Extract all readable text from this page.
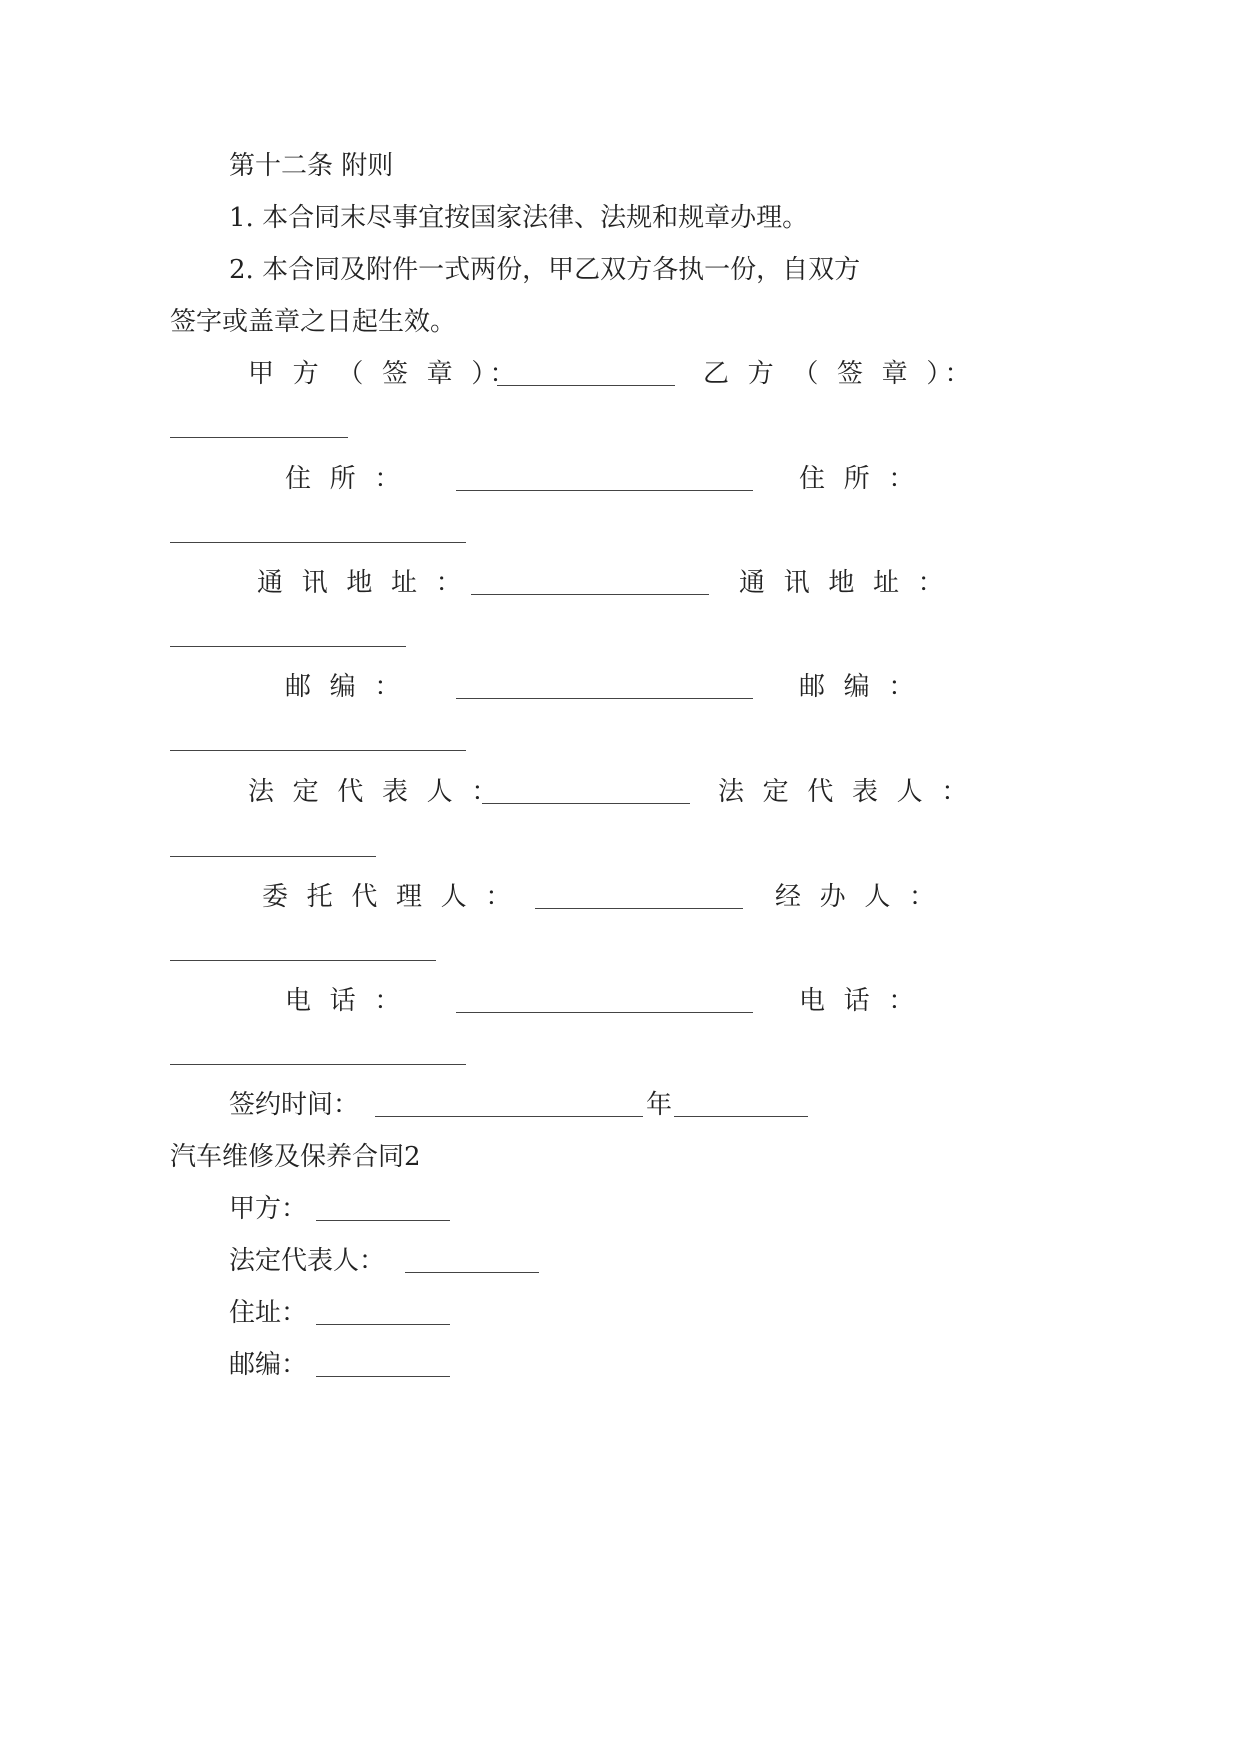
第十二条 附则
1. 本合同末尽事宜按国家法律、法规和规章办理。
2. 本合同及附件一式两份，甲乙双方各执一份，自双方
签字或盖章之日起生效。
甲 方 （ 签 章 ）：	乙 方 （ 签 章 ）：
住 所 ：	住 所 ：
通 讯 地 址 ：	通 讯 地 址 ：
邮 编 ：	邮 编 ：
法 定 代 表 人 ：	法 定 代 表 人 ：
委 托 代 理 人 ：	经 办 人 ：
电 话 ：	电 话 ：
签约时间：	年
汽车维修及保养合同2
甲方：
法定代表人：
住址：
邮编：
